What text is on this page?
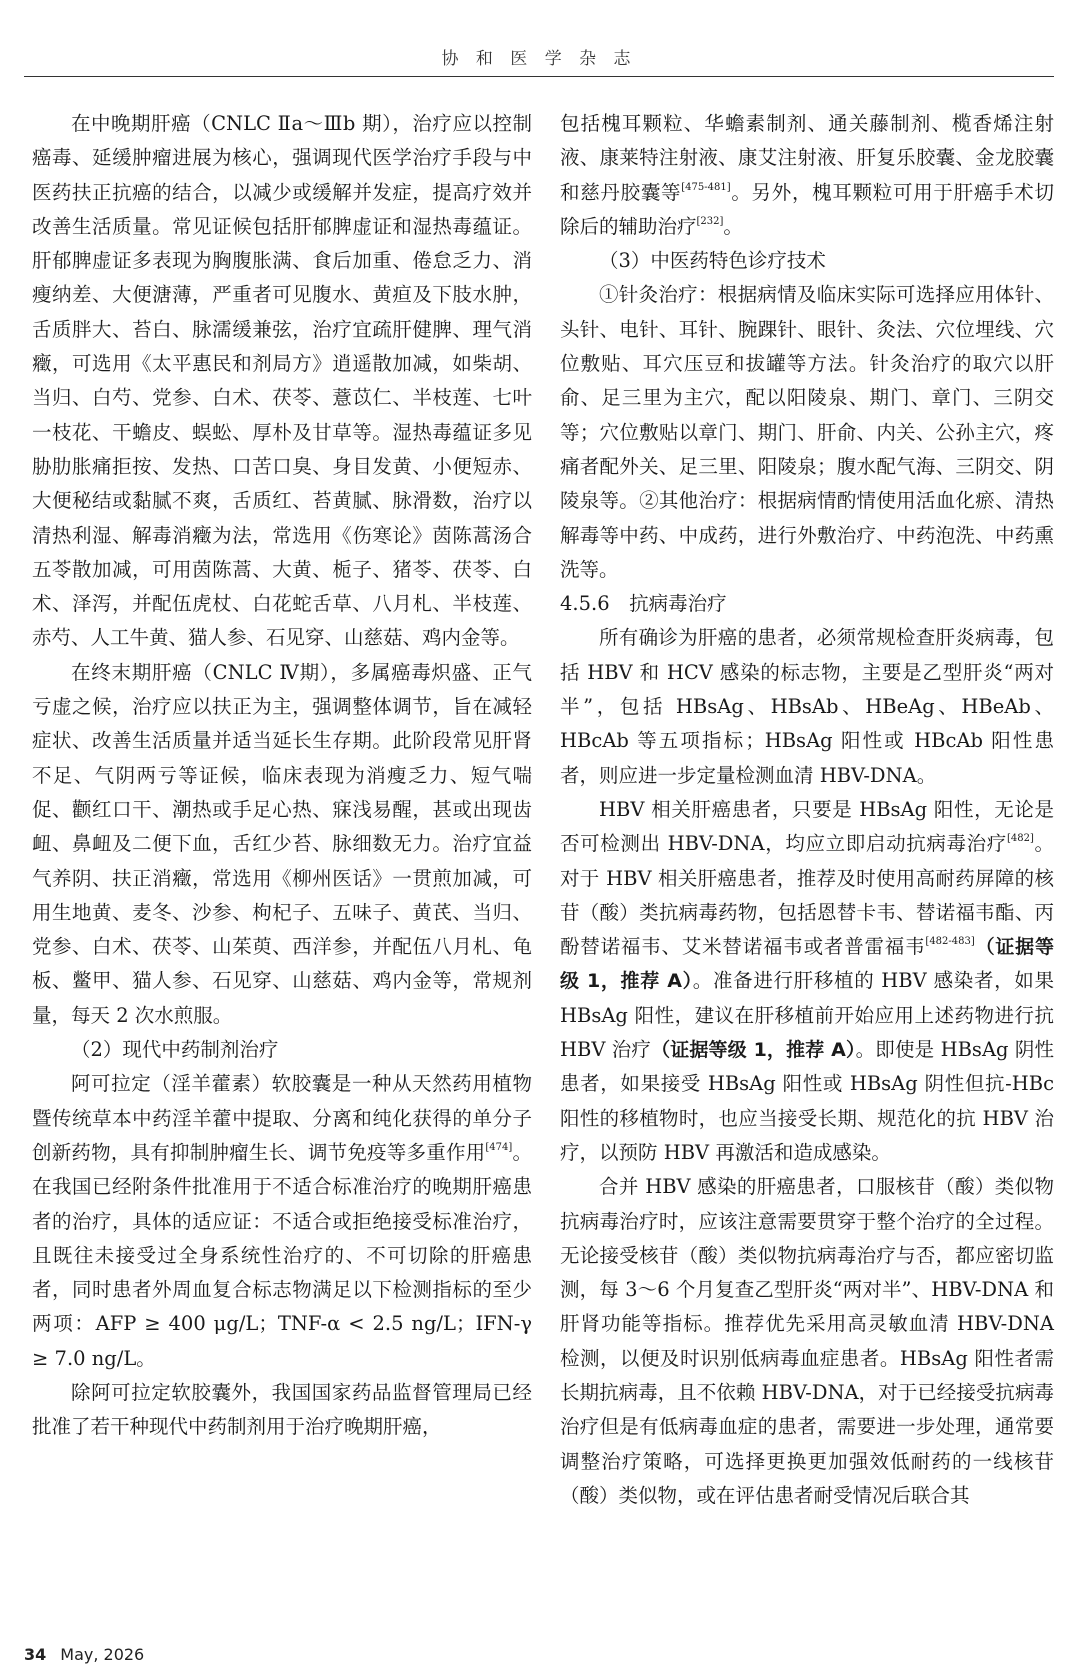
协 和 医 学 杂 志

在中晚期肝癌（CNLC Ⅱa～Ⅲb 期），治疗应以控制癌毒、延缓肿瘤进展为核心，强调现代医学治疗手段与中医药扶正抗癌的结合，以减少或缓解并发症，提高疗效并改善生活质量。常见证候包括肝郁脾虚证和湿热毒蕴证。肝郁脾虚证多表现为胸腹胀满、食后加重、倦怠乏力、消瘦纳差、大便溏薄，严重者可见腹水、黄疸及下肢水肿，舌质胖大、苔白、脉濡缓兼弦，治疗宜疏肝健脾、理气消癥，可选用《太平惠民和剂局方》逍遥散加减，如柴胡、当归、白芍、党参、白术、茯苓、薏苡仁、半枝莲、七叶一枝花、干蟾皮、蜈蚣、厚朴及甘草等。湿热毒蕴证多见胁肋胀痛拒按、发热、口苦口臭、身目发黄、小便短赤、大便秘结或黏腻不爽，舌质红、苔黄腻、脉滑数，治疗以清热利湿、解毒消癥为法，常选用《伤寒论》茵陈蒿汤合五苓散加减，可用茵陈蒿、大黄、栀子、猪苓、茯苓、白术、泽泻，并配伍虎杖、白花蛇舌草、八月札、半枝莲、赤芍、人工牛黄、猫人参、石见穿、山慈菇、鸡内金等。

在终末期肝癌（CNLC Ⅳ期），多属癌毒炽盛、正气亏虚之候，治疗应以扶正为主，强调整体调节，旨在减轻症状、改善生活质量并适当延长生存期。此阶段常见肝肾不足、气阴两亏等证候，临床表现为消瘦乏力、短气喘促、颧红口干、潮热或手足心热、寐浅易醒，甚或出现齿衄、鼻衄及二便下血，舌红少苔、脉细数无力。治疗宜益气养阴、扶正消癥，常选用《柳州医话》一贯煎加减，可用生地黄、麦冬、沙参、枸杞子、五味子、黄芪、当归、党参、白术、茯苓、山茱萸、西洋参，并配伍八月札、龟板、鳖甲、猫人参、石见穿、山慈菇、鸡内金等，常规剂量，每天 2 次水煎服。

（2）现代中药制剂治疗

阿可拉定（淫羊藿素）软胶囊是一种从天然药用植物暨传统草本中药淫羊藿中提取、分离和纯化获得的单分子创新药物，具有抑制肿瘤生长、调节免疫等多重作用[474]。在我国已经附条件批准用于不适合标准治疗的晚期肝癌患者的治疗，具体的适应证：不适合或拒绝接受标准治疗，且既往未接受过全身系统性治疗的、不可切除的肝癌患者，同时患者外周血复合标志物满足以下检测指标的至少两项：AFP ≥ 400 μg/L；TNF-α < 2.5 ng/L；IFN-γ ≥ 7.0 ng/L。

除阿可拉定软胶囊外，我国国家药品监督管理局已经批准了若干种现代中药制剂用于治疗晚期肝癌，

包括槐耳颗粒、华蟾素制剂、通关藤制剂、榄香烯注射液、康莱特注射液、康艾注射液、肝复乐胶囊、金龙胶囊和慈丹胶囊等[475-481]。另外，槐耳颗粒可用于肝癌手术切除后的辅助治疗[232]。

（3）中医药特色诊疗技术

①针灸治疗：根据病情及临床实际可选择应用体针、头针、电针、耳针、腕踝针、眼针、灸法、穴位埋线、穴位敷贴、耳穴压豆和拔罐等方法。针灸治疗的取穴以肝俞、足三里为主穴，配以阳陵泉、期门、章门、三阴交等；穴位敷贴以章门、期门、肝俞、内关、公孙主穴，疼痛者配外关、足三里、阳陵泉；腹水配气海、三阴交、阴陵泉等。②其他治疗：根据病情酌情使用活血化瘀、清热解毒等中药、中成药，进行外敷治疗、中药泡洗、中药熏洗等。

4.5.6　抗病毒治疗

所有确诊为肝癌的患者，必须常规检查肝炎病毒，包括 HBV 和 HCV 感染的标志物，主要是乙型肝炎“两对半”，包括 HBsAg、HBsAb、HBeAg、HBeAb、HBcAb 等五项指标；HBsAg 阳性或 HBcAb 阳性患者，则应进一步定量检测血清 HBV-DNA。

HBV 相关肝癌患者，只要是 HBsAg 阳性，无论是否可检测出 HBV-DNA，均应立即启动抗病毒治疗[482]。对于 HBV 相关肝癌患者，推荐及时使用高耐药屏障的核苷（酸）类抗病毒药物，包括恩替卡韦、替诺福韦酯、丙酚替诺福韦、艾米替诺福韦或者普雷福韦[482-483]（证据等级 1，推荐 A）。准备进行肝移植的 HBV 感染者，如果 HBsAg 阳性，建议在肝移植前开始应用上述药物进行抗 HBV 治疗（证据等级 1，推荐 A）。即使是 HBsAg 阴性患者，如果接受 HBsAg 阳性或 HBsAg 阴性但抗-HBc 阳性的移植物时，也应当接受长期、规范化的抗 HBV 治疗，以预防 HBV 再激活和造成感染。

合并 HBV 感染的肝癌患者，口服核苷（酸）类似物抗病毒治疗时，应该注意需要贯穿于整个治疗的全过程。无论接受核苷（酸）类似物抗病毒治疗与否，都应密切监测，每 3～6 个月复查乙型肝炎“两对半”、HBV-DNA 和肝肾功能等指标。推荐优先采用高灵敏血清 HBV-DNA 检测，以便及时识别低病毒血症患者。HBsAg 阳性者需长期抗病毒，且不依赖 HBV-DNA，对于已经接受抗病毒治疗但是有低病毒血症的患者，需要进一步处理，通常要调整治疗策略，可选择更换更加强效低耐药的一线核苷（酸）类似物，或在评估患者耐受情况后联合其

34 May, 2026
